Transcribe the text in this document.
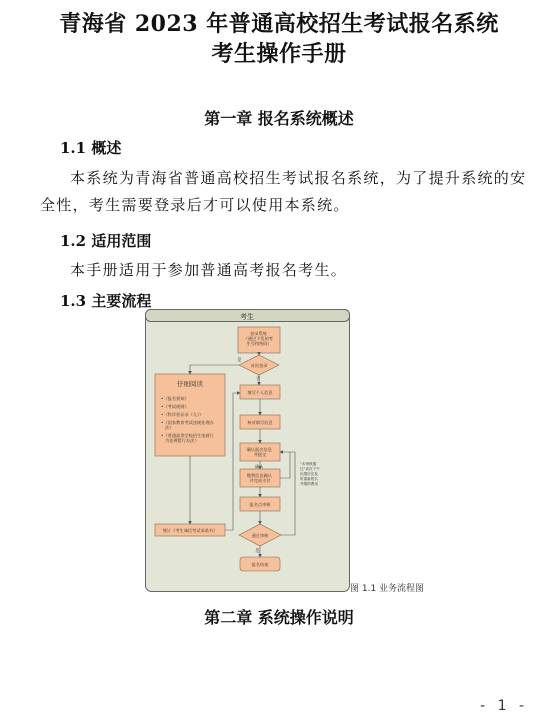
青海省 2023 年普通高校招生考试报名系统
考生操作手册
第一章 报名系统概述
1.1 概述
本系统为青海省普通高校招生考试报名系统，为了提升系统的安全性，考生需要登录后才可以使用本系统。
1.2 适用范围
本手册适用于参加普通高考报名考生。
1.3 主要流程
考生
登录系统 （通过下发的考 生号和密码）
首次登录
是
否
仔细阅读
•《报名须知》 •《考试规则》 •《科诊验证录（九）》 •《国家教育考试违规处理办 法》 •《普通高等学校招生违规行 为处理暂行办法》
签订《考生诚信考试承诺书》
填写个人信息
核对填写信息
确认报名信息 并提交
确认
缴费信息确认 并完成支付
报名点审核
通过审核
是
报名结束
“未审核通 过”或在下午 出缴后应及 时重新报名 并缴纳费用
图 1.1 业务流程图
第二章 系统操作说明
- 1 -
